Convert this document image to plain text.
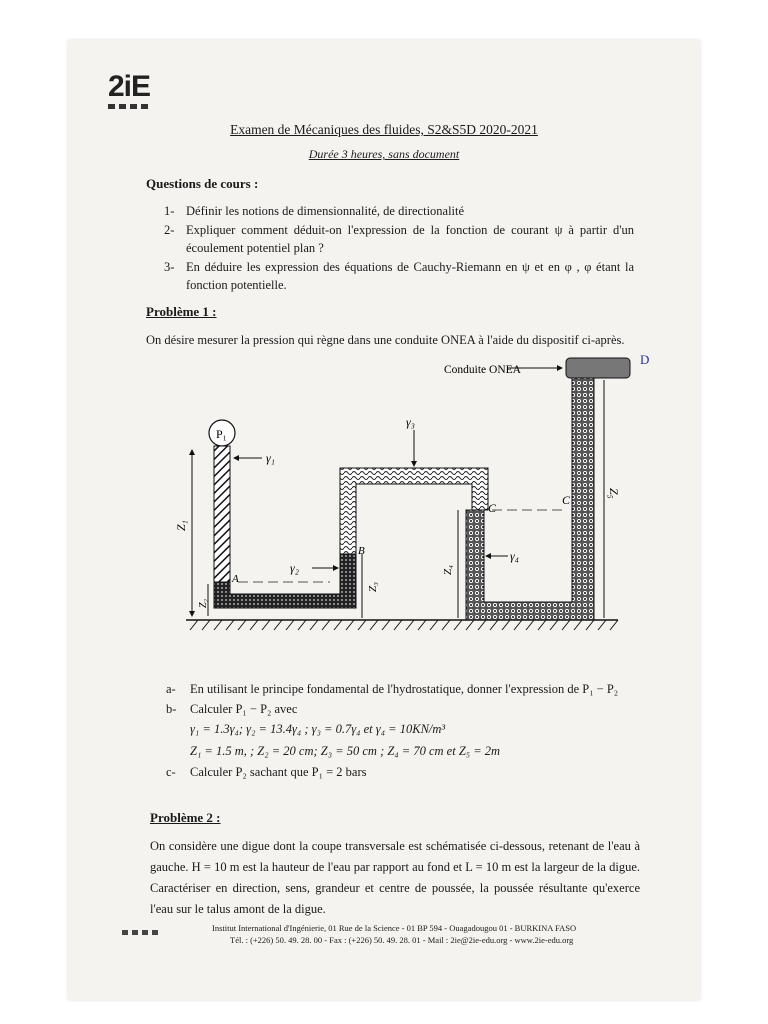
2iE
Examen de Mécaniques des fluides, S2&S5D 2020-2021
Durée 3 heures, sans document
Questions de cours :
1- Définir les notions de dimensionnalité, de directionalité
2- Expliquer comment déduit-on l'expression de la fonction de courant ψ à partir d'un écoulement potentiel plan ?
3- En déduire les expression des équations de Cauchy-Riemann en ψ et en φ , φ étant la fonction potentielle.
Problème 1 :
On désire mesurer la pression qui règne dans une conduite ONEA à l'aide du dispositif ci-après.
P₁
Conduite ONEA
γ₁
γ₂
γ₃
γ₄
A
B
C
C
D
Z₁
Z₂
Z₃
Z₄
Z₅
a- En utilisant le principe fondamental de l'hydrostatique, donner l'expression de P₁ − P₂
b- Calculer P₁ − P₂ avec
γ₁ = 1.3γ₄; γ₂ = 13.4γ₄ ; γ₃ = 0.7γ₄ et γ₄ = 10KN/m³
Z₁ = 1.5 m, ; Z₂ = 20 cm; Z₃ = 50 cm ; Z₄ = 70 cm et Z₅ = 2m
c- Calculer P₂ sachant que P₁ = 2 bars
Problème 2 :
On considère une digue dont la coupe transversale est schématisée ci-dessous, retenant de l'eau à gauche. H = 10 m est la hauteur de l'eau par rapport au fond et L = 10 m est la largeur de la digue. Caractériser en direction, sens, grandeur et centre de poussée, la poussée résultante qu'exerce l'eau sur le talus amont de la digue.
Institut International d'Ingénierie, 01 Rue de la Science - 01 BP 594 - Ouagadougou 01 - BURKINA FASO
Tél. : (+226) 50. 49. 28. 00 - Fax : (+226) 50. 49. 28. 01 - Mail : 2ie@2ie-edu.org - www.2ie-edu.org
